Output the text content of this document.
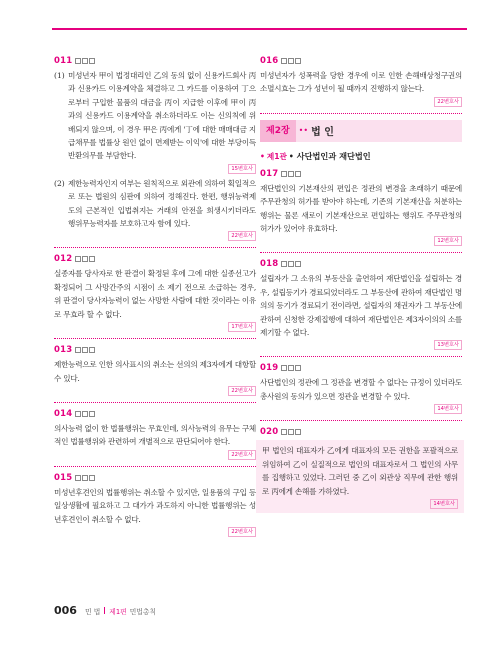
011
(1) 미성년자 甲이 법정대리인 乙의 동의 없이 신용카드회사 丙과 신용카드 이용계약을 체결하고 그 카드를 이용하여 丁으로부터 구입한 물품의 대금을 丙이 지급한 이후에 甲이 丙과의 신용카드 이용계약을 취소하더라도 이는 신의칙에 위배되지 않으며, 이 경우 甲은 丙에게 '丁에 대한 매매대금 지급채무를 법률상 원인 없이 면제받는 이익'에 대한 부당이득반환의무를 부담한다.
15변호사
(2) 제한능력자인지 여부는 원칙적으로 외관에 의하여 획일적으로 또는 법원의 심판에 의하여 정해진다. 한편, 행위능력제도의 근본적인 입법취지는 거래의 안전을 희생시키더라도 행위무능력자를 보호하고자 함에 있다.
22변호사
012
실종자를 당사자로 한 판결이 확정된 후에 그에 대한 실종선고가 확정되어 그 사망간주의 시점이 소 제기 전으로 소급하는 경우, 위 판결이 당사자능력이 없는 사망한 사람에 대한 것이라는 이유로 무효라 할 수 없다.
17변호사
013
제한능력으로 인한 의사표시의 취소는 선의의 제3자에게 대항할 수 있다.
22변호사
014
의사능력 없이 한 법률행위는 무효인데, 의사능력의 유무는 구체적인 법률행위와 관련하여 개별적으로 판단되어야 한다.
22변호사
015
미성년후견인의 법률행위는 취소할 수 있지만, 일용품의 구입 등 일상생활에 필요하고 그 대가가 과도하지 아니한 법률행위는 성년후견인이 취소할 수 없다.
22변호사
016
미성년자가 성폭력을 당한 경우에 이로 인한 손해배상청구권의 소멸시효는 그가 성년이 될 때까지 진행하지 않는다.
22변호사
제2장	•• 법 인
• 제1관 • 사단법인과 재단법인
017
재단법인의 기본재산의 편입은 정관의 변경을 초래하기 때문에 주무관청의 허가를 받아야 하는데, 기존의 기본재산을 처분하는 행위는 물론 새로이 기본재산으로 편입하는 행위도 주무관청의 허가가 있어야 유효하다.
12변호사
018
설립자가 그 소유의 부동산을 출연하여 재단법인을 설립하는 경우, 설립등기가 경료되었더라도 그 부동산에 관하여 재단법인 명의의 등기가 경료되기 전이라면, 설립자의 채권자가 그 부동산에 관하여 신청한 강제집행에 대하여 재단법인은 제3자이의의 소를 제기할 수 없다.
13변호사
019
사단법인의 정관에 그 정관을 변경할 수 없다는 규정이 있더라도 총사원의 동의가 있으면 정관을 변경할 수 있다.
14변호사
020
甲 법인의 대표자가 乙에게 대표자의 모든 권한을 포괄적으로 위임하여 乙이 실질적으로 법인의 대표자로서 그 법인의 사무를 집행하고 있었다. 그러던 중 乙이 외관상 직무에 관한 행위로 丙에게 손해를 가하였다.
14변호사
006 민 법 제1편 민법총칙
